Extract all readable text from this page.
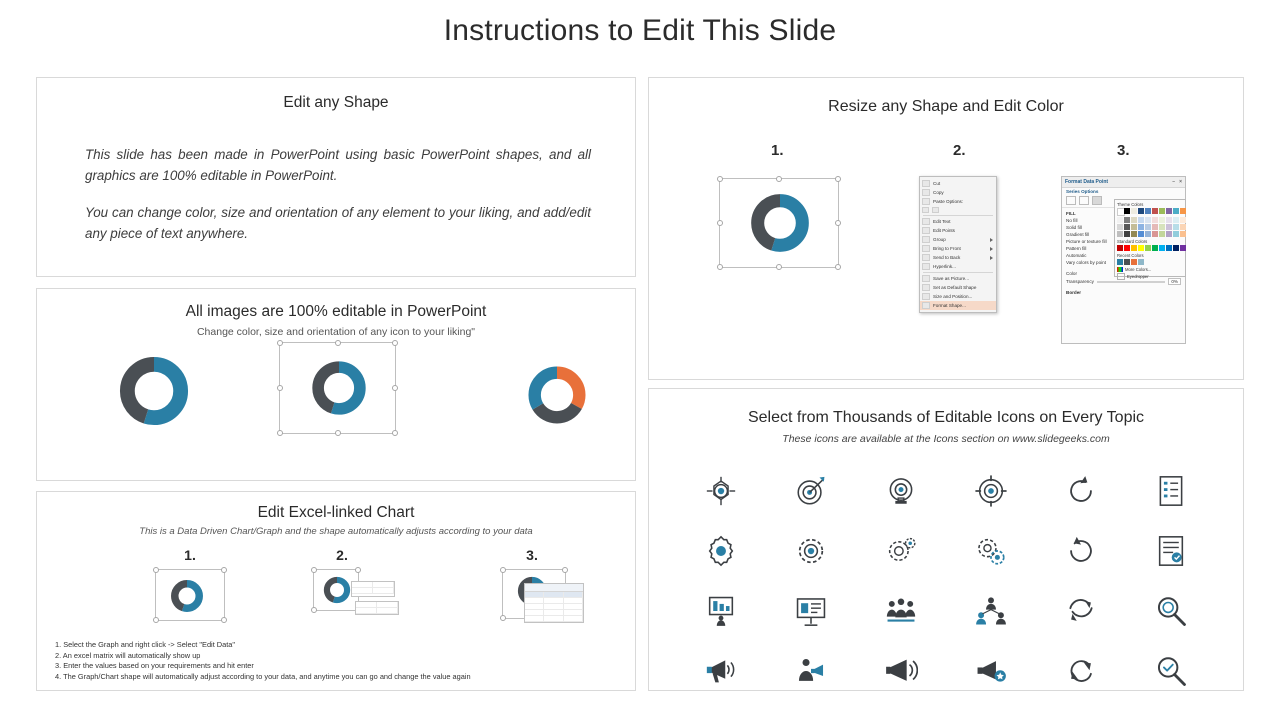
Instructions to Edit This Slide
Edit any Shape
This slide has been made in PowerPoint using basic PowerPoint shapes, and all graphics are 100% editable in PowerPoint.
You can change color, size and orientation of any element to your liking, and add/edit any piece of text anywhere.
All images are 100% editable in PowerPoint
Change color, size and orientation of any icon to your liking"
Edit Excel-linked Chart
This is a Data Driven Chart/Graph and the shape automatically adjusts according to your data
1.	2.	3.
1. Select the Graph and right click -> Select "Edit Data"
2. An excel matrix will automatically show up
3. Enter the values based on your requirements and hit enter
4. The Graph/Chart shape will automatically adjust according to your data, and anytime you can go and change the value again
Resize any Shape and Edit Color
1.	2.	3.
Cut
Copy
Paste Options:
Edit Text
Edit Points
Group
Bring to Front
Send to Back
Hyperlink...
Save as Picture...
Set as Default Shape
Size and Position...
Format Shape...
Format Data Point	– ×
Series Options
FILL
No fill
Solid fill
Gradient fill
Picture or texture fill
Pattern fill
Automatic
Vary colors by point
Color
Transparency	0%
Border
Theme Colors
Standard Colors
Recent Colors
More Colors...
Eyedropper
Select from Thousands of Editable Icons on Every Topic
These icons are available at the Icons section on www.slidegeeks.com
